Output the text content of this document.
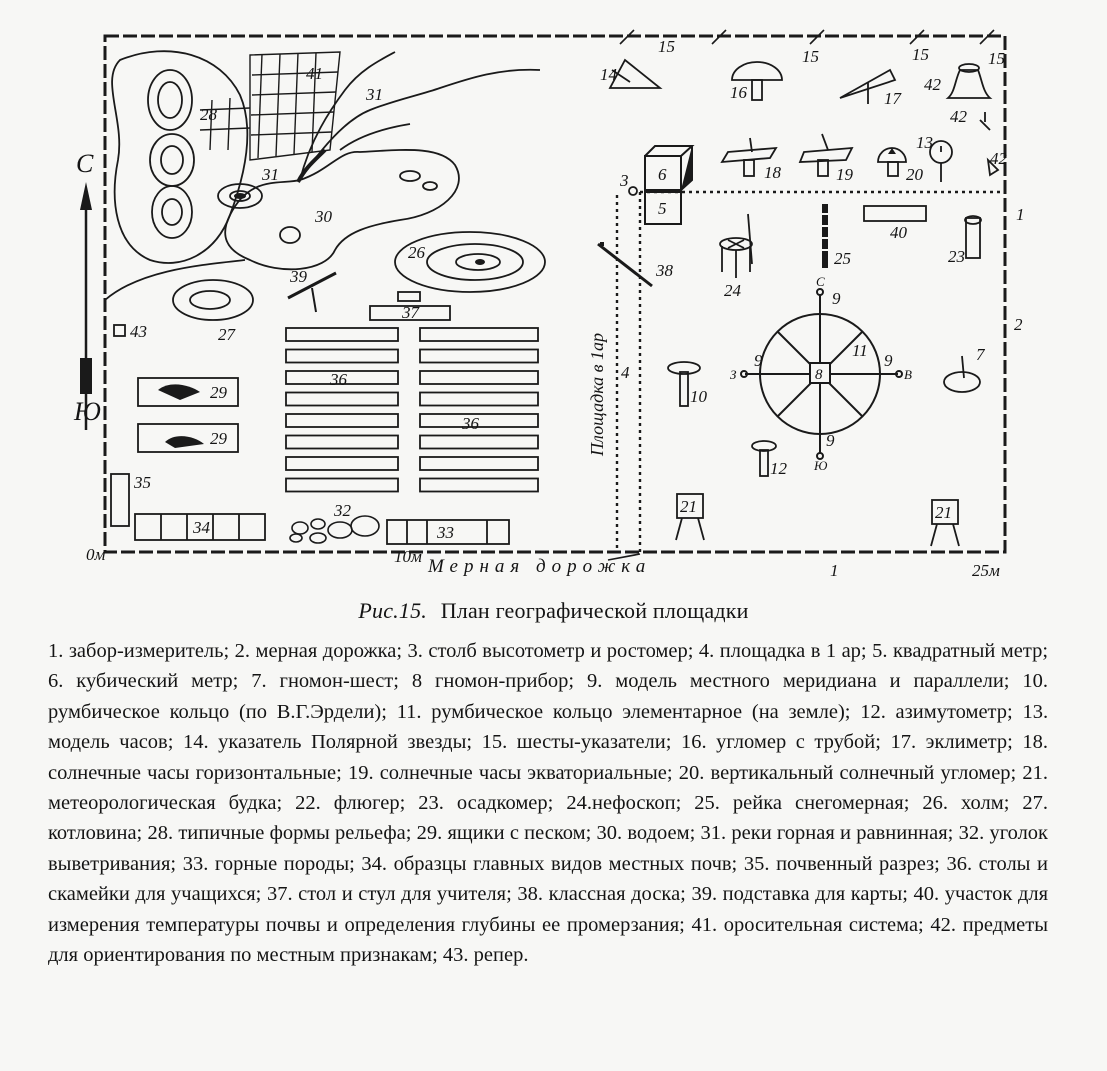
С
Ю
41
28
31
31
30
26
39
27
43
37
36
36
29
29
35
34
32
33
14
15
15	15	15
16	17
42
42
42
13
18	19	20
3 6
5	1
40
23
25
24
38
2
9
11
9	9
8
9
7
4
10
12
21	21
1
С
Ю
З	В
0м	10м
25м
Мерная дорожка
Площадка в 1ар
Рис.15. План географической площадки

1. забор-измеритель; 2. мерная дорожка; 3. столб высотометр и ростомер; 4. площадка в 1 ар; 5. квадратный метр; 6. кубический метр; 7. гномон-шест; 8 гномон-прибор; 9. модель местного меридиана и параллели; 10. румбическое кольцо (по В.Г.Эрдели); 11. румбическое кольцо элементарное (на земле); 12. азимутометр; 13. модель часов; 14. указатель Полярной звезды; 15. шесты-указатели; 16. угломер с трубой; 17. эклиметр; 18. солнечные часы горизонтальные; 19. солнечные часы экваториальные; 20. вертикальный солнечный угломер; 21. метеорологическая будка; 22. флюгер; 23. осадкомер; 24.нефоскоп; 25. рейка снегомерная; 26. холм; 27. котловина; 28. типичные формы рельефа; 29. ящики с песком; 30. водоем; 31. реки горная и равнинная; 32. уголок выветривания; 33. горные породы; 34. образцы главных видов местных почв; 35. почвенный разрез; 36. столы и скамейки для учащихся; 37. стол и стул для учителя; 38. классная доска; 39. подставка для карты; 40. участок для измерения температуры почвы и определения глубины ее промерзания; 41. оросительная система; 42. предметы для ориентирования по местным признакам; 43. репер.
